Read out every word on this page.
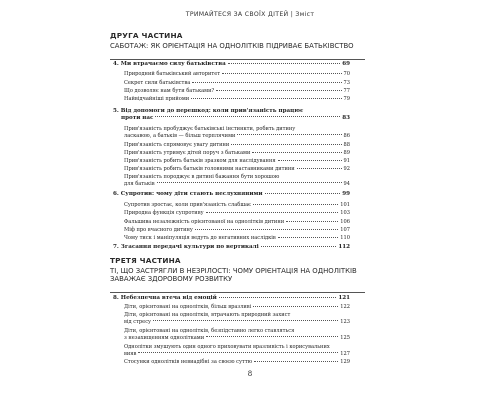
ТРИМАЙТЕСЯ ЗА СВОЇХ ДІТЕЙ | Зміст
ДРУГА ЧАСТИНА
САБОТАЖ: ЯК ОРІЄНТАЦІЯ НА ОДНОЛІТКІВ ПІДРИВАЄ БАТЬКІВСТВО
4. Ми втрачаємо силу батьківства	69
Природний батьківський авторитет	70
Секрет сили батьківства	73
Що дозволяє нам бути батьками?	77
Найвідчайніші прийоми	79
5. Від допомоги до перешкод: коли прив'язаність працює
проти нас	83
Прив'язаність пробуджує батьківські інстинкти, робить дитину
ласкавою, а батьків — більш терплячими	86
Прив'язаність спрямовує увагу дитини	88
Прив'язаність утримує дітей поруч з батьками	89
Прив'язаність робить батьків зразком для наслідування	91
Прив'язаність робить батьків головними наставниками дитини	92
Прив'язаність породжує в дитині бажання бути хорошою
для батьків	94
6. Супротив: чому діти стають неслухняними	99
Супротив зростає, коли прив'язаність слабшає	101
Природна функція супротиву	103
Фальшива незалежність орієнтованої на однолітків дитини	106
Міф про вчасного дитину	107
Чому тиск і маніпуляція ведуть до негативних наслідків	110
7. Згасання передачі культури по вертикалі	112
ТРЕТЯ ЧАСТИНА
ТІ, ЩО ЗАСТРЯГЛИ В НЕЗРІЛОСТІ: ЧОМУ ОРІЄНТАЦІЯ НА ОДНОЛІТКІВ ЗАВАЖАЄ ЗДОРОВОМУ РОЗВИТКУ
8. Небезпечна втеча від емоцій	121
Діти, орієнтовані на однолітків, більш вразливі	122
Діти, орієнтовані на однолітків, втрачають природний захист
від стресу	123
Діти, орієнтовані на однолітків, безпідставно легко ставляться
з незахищенням однолітками	125
Однолітки змушують один одного приховувати вразливість і корисувальних
вияв	127
Стосунки однолітків невиадібні за своєю суттю	129
8
